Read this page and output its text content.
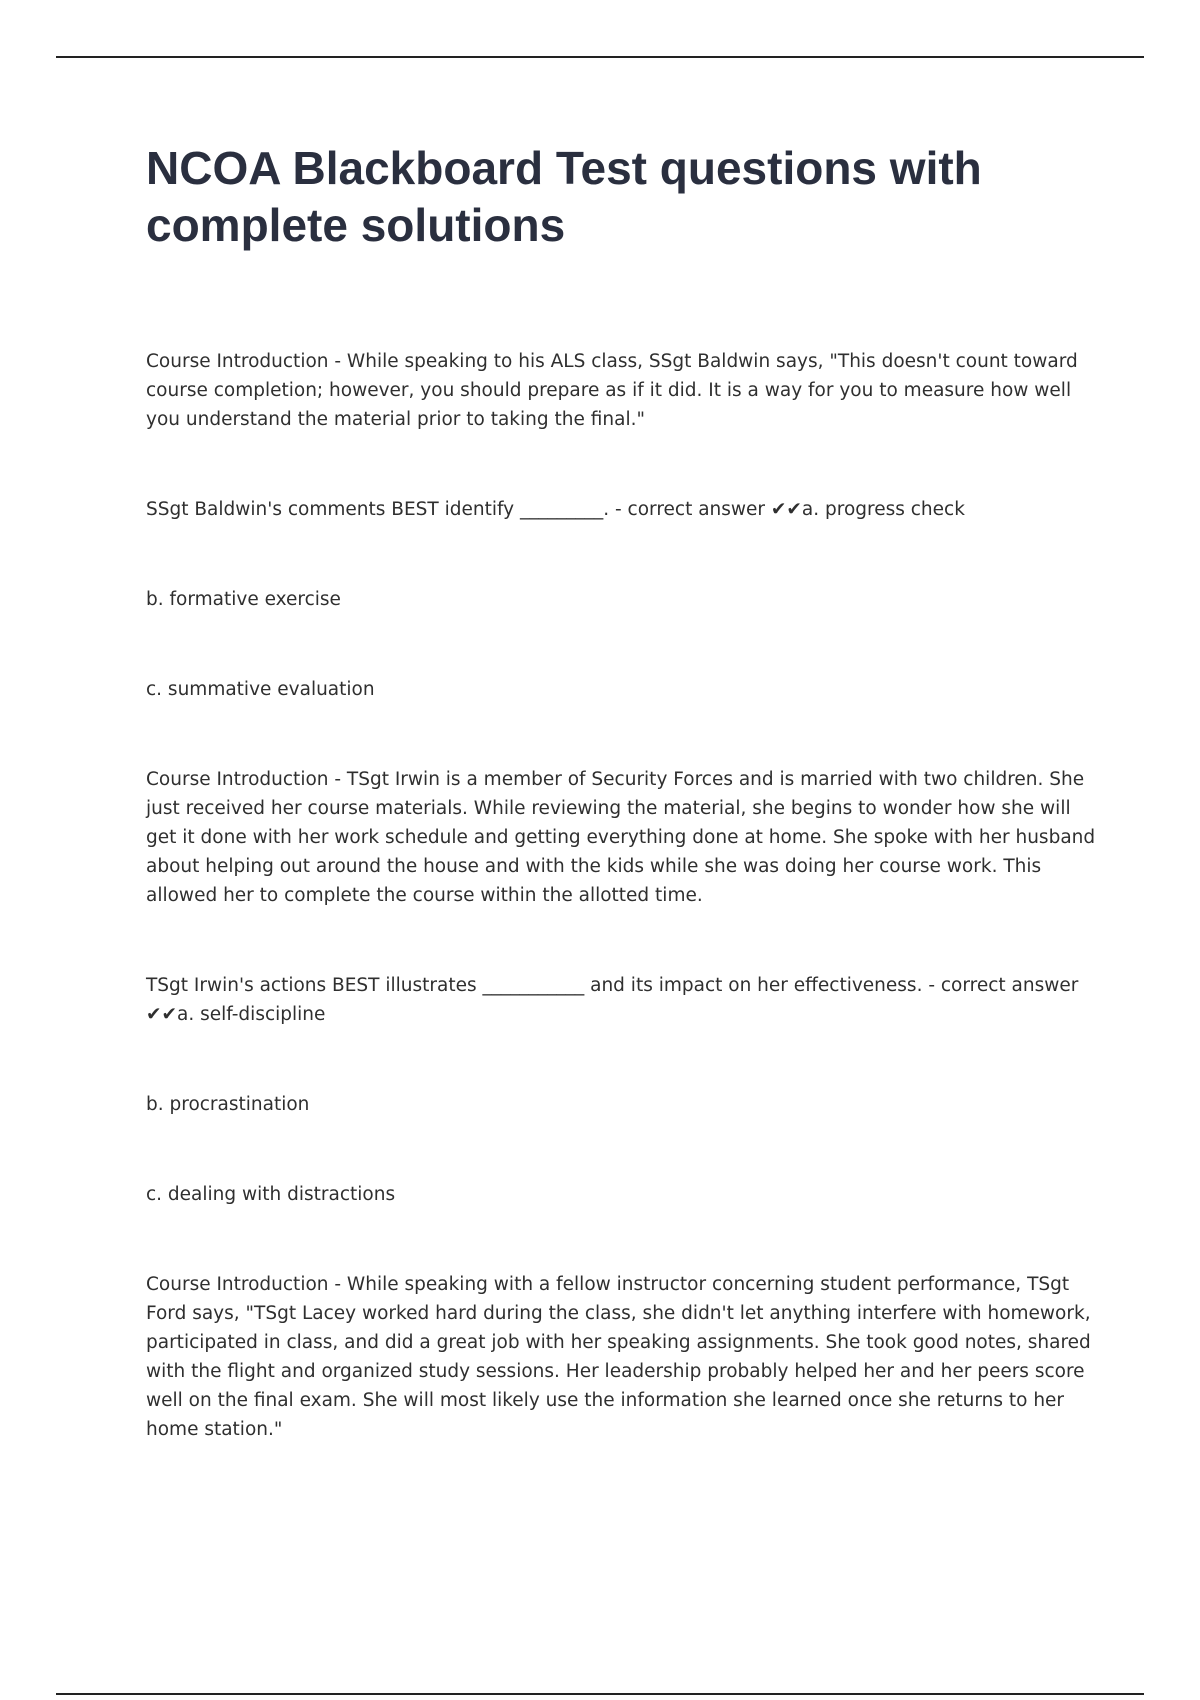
NCOA Blackboard Test questions with complete solutions

Course Introduction - While speaking to his ALS class, SSgt Baldwin says, "This doesn't count toward course completion; however, you should prepare as if it did. It is a way for you to measure how well you understand the material prior to taking the final."

SSgt Baldwin's comments BEST identify _________. - correct answer ✔✔a. progress check

b. formative exercise

c. summative evaluation

Course Introduction - TSgt Irwin is a member of Security Forces and is married with two children. She just received her course materials. While reviewing the material, she begins to wonder how she will get it done with her work schedule and getting everything done at home. She spoke with her husband about helping out around the house and with the kids while she was doing her course work. This allowed her to complete the course within the allotted time.

TSgt Irwin's actions BEST illustrates ___________ and its impact on her effectiveness. - correct answer ✔✔a. self-discipline

b. procrastination

c. dealing with distractions

Course Introduction - While speaking with a fellow instructor concerning student performance, TSgt Ford says, "TSgt Lacey worked hard during the class, she didn't let anything interfere with homework, participated in class, and did a great job with her speaking assignments. She took good notes, shared with the flight and organized study sessions. Her leadership probably helped her and her peers score well on the final exam. She will most likely use the information she learned once she returns to her home station."
